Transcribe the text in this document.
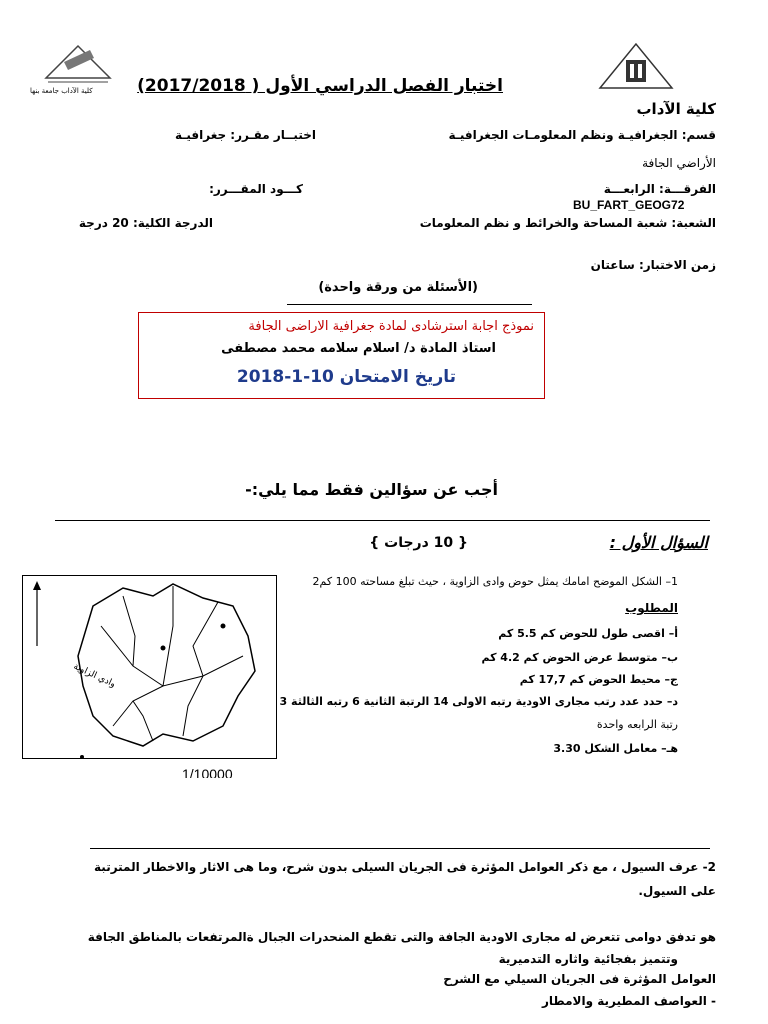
كلية الآداب جامعة بنها	اختبار الفصل الدراسي الأول ( 2017/2018)
كلية الآداب
قسم: الجغرافيـة ونظم المعلومـات الجغرافيـة
اختبــار مقـرر: جغرافيـة
الأراضي الجافة
الفرقـــة: الرابعـــة
كـــود المقـــرر:
BU_FART_GEOG72
الشعبة: شعبة المساحة والخرائط و نظم المعلومات
الدرجة الكلية: 20 درجة
زمن الاختبار: ساعتان
(الأسئلة من ورقة واحدة)
نموذج اجابة استرشادى لمادة جغرافية الاراضى الجافة
استاذ المادة د/ اسلام سلامه محمد مصطفى
تاريخ الامتحان 10-1-2018
أجب عن سؤالين فقط مما يلي:-
السؤال الأول :
{ 10 درجات }
1– الشكل الموضح امامك يمثل حوض وادى الزاوية ، حيث تبلغ مساحته 100 كم2
المطلوب
أ– اقصى طول للحوض كم 5.5 كم
ب– متوسط عرض الحوض كم 4.2 كم
ج– محيط الحوض كم 17,7 كم
د– حدد عدد رتب مجارى الاودية رتبه الاولى 14 الرتبة الثانية 6 رتبه الثالثة 3
رتبة الرابعه واحدة
هـ– معامل الشكل 3.30
وادي الزاوية
1/10000
2- عرف السيول ، مع ذكر العوامل المؤثرة فى الجريان السيلى بدون شرح، وما هى الاثار والاخطار المترتبة
على السيول.
هو تدفق دوامى تتعرض له مجارى الاودية الجافة والتى تقطع المنحدرات الجبال ةالمرتفعات بالمناطق الجافة
وتتميز بفجائية واثاره التدميرية
العوامل المؤثرة فى الجريان السيلي مع الشرح
- العواصف المطيرية والامطار
